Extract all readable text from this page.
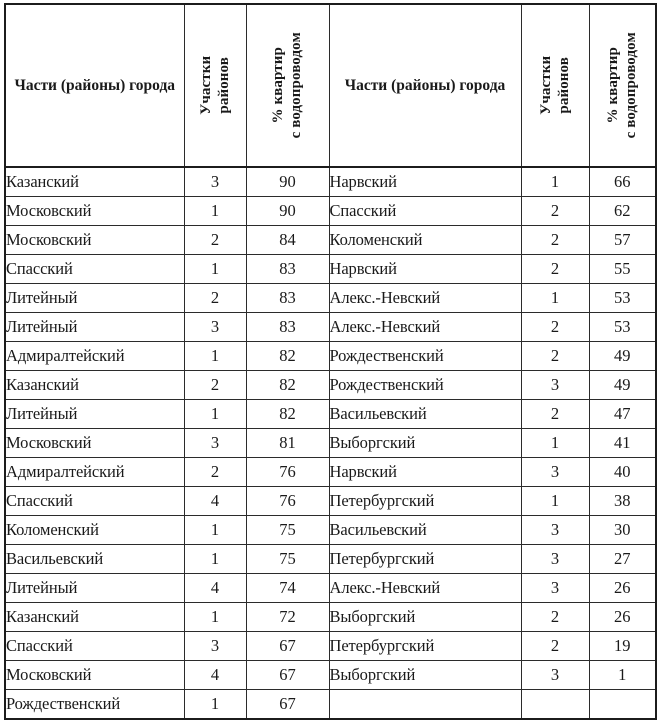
Части (районы) города	Участки районов	% квартир с водопроводом	Части (районы) города	Участки районов	% квартир с водопроводом

Казанский	3	90	Нарвский	1	66
Московский	1	90	Спасский	2	62
Московский	2	84	Коломенский	2	57
Спасский	1	83	Нарвский	2	55
Литейный	2	83	Алекс.-Невский	1	53
Литейный	3	83	Алекс.-Невский	2	53
Адмиралтейский	1	82	Рождественский	2	49
Казанский	2	82	Рождественский	3	49
Литейный	1	82	Васильевский	2	47
Московский	3	81	Выборгский	1	41
Адмиралтейский	2	76	Нарвский	3	40
Спасский	4	76	Петербургский	1	38
Коломенский	1	75	Васильевский	3	30
Васильевский	1	75	Петербургский	3	27
Литейный	4	74	Алекс.-Невский	3	26
Казанский	1	72	Выборгский	2	26
Спасский	3	67	Петербургский	2	19
Московский	4	67	Выборгский	3	1
Рождественский	1	67			
